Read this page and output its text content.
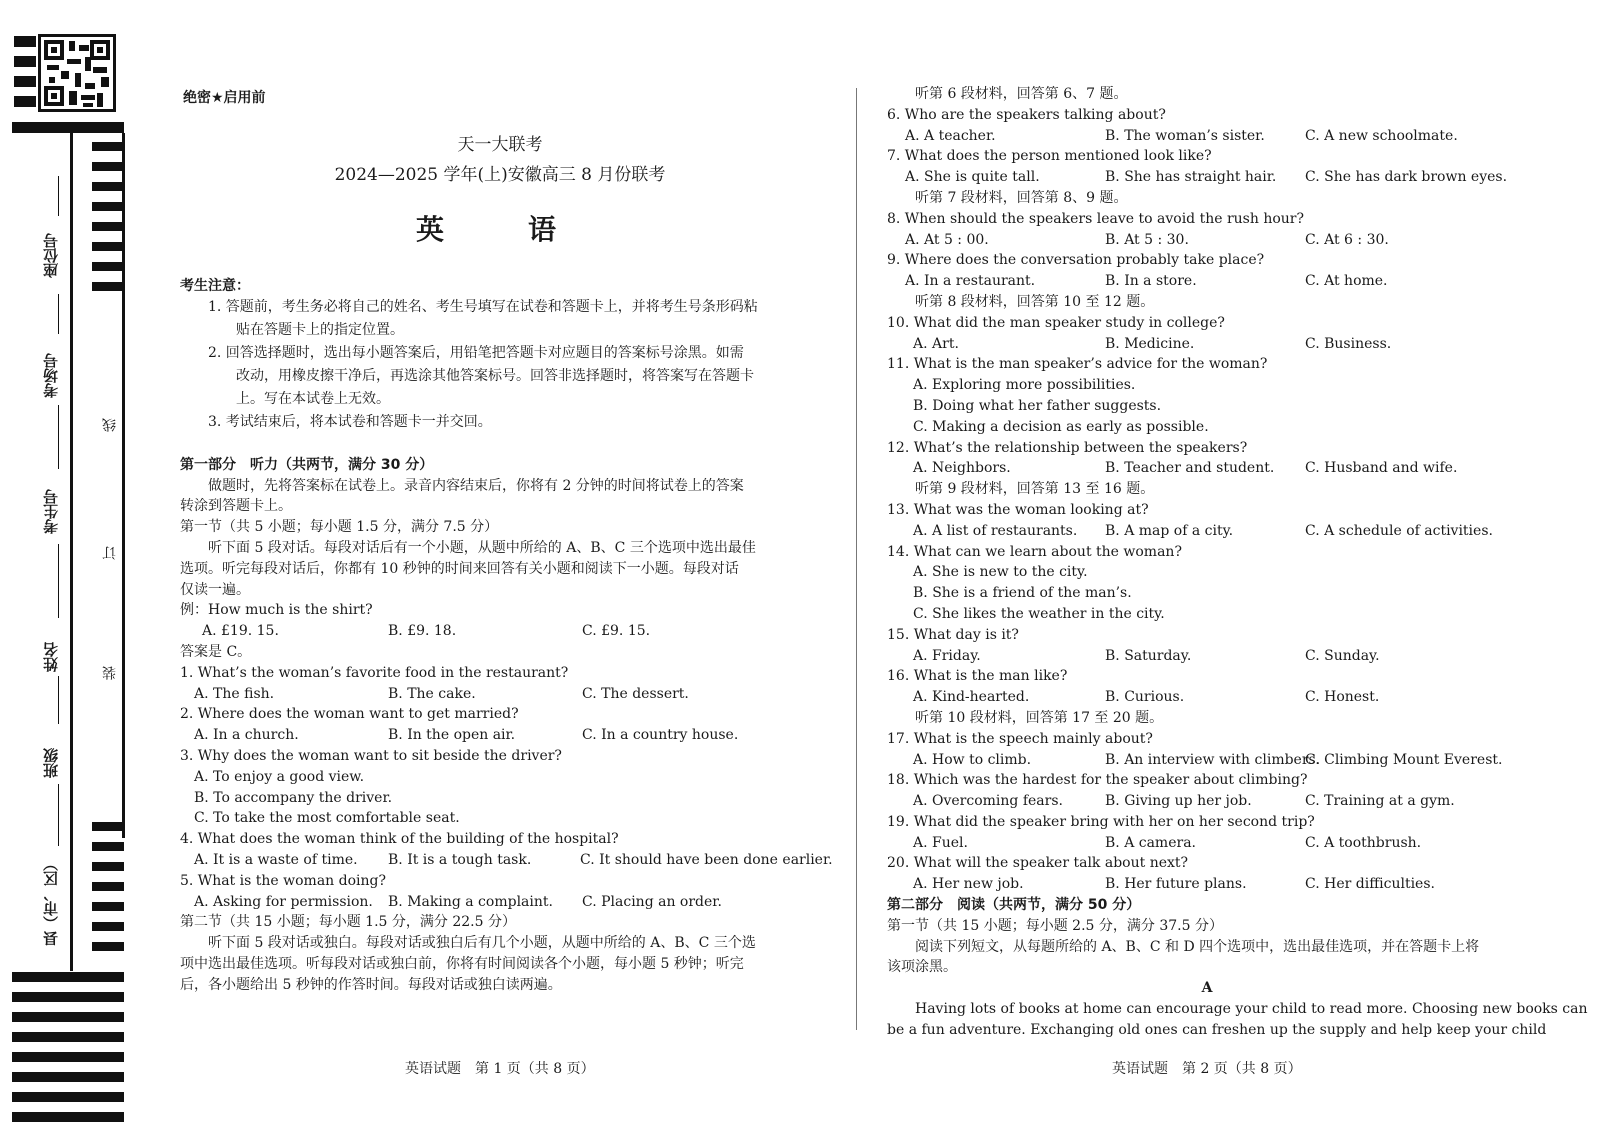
座位号
考场号
考生号
姓名
班级
县（市、区）
线
订
装
绝密★启用前
天一大联考
2024—2025 学年(上)安徽高三 8 月份联考
英　语
考生注意：
1. 答题前，考生务必将自己的姓名、考生号填写在试卷和答题卡上，并将考生号条形码粘
贴在答题卡上的指定位置。
2. 回答选择题时，选出每小题答案后，用铅笔把答题卡对应题目的答案标号涂黑。如需
改动，用橡皮擦干净后，再选涂其他答案标号。回答非选择题时，将答案写在答题卡
上。写在本试卷上无效。
3. 考试结束后，将本试卷和答题卡一并交回。
第一部分　听力（共两节，满分 30 分）
做题时，先将答案标在试卷上。录音内容结束后，你将有 2 分钟的时间将试卷上的答案
转涂到答题卡上。
第一节（共 5 小题；每小题 1.5 分，满分 7.5 分）
听下面 5 段对话。每段对话后有一个小题，从题中所给的 A、B、C 三个选项中选出最佳
选项。听完每段对话后，你都有 10 秒钟的时间来回答有关小题和阅读下一小题。每段对话
仅读一遍。
例：How much is the shirt?
A. £19. 15.	B. £9. 18.	C. £9. 15.
答案是 C。
1. What’s the woman’s favorite food in the restaurant?
A. The fish.	B. The cake.	C. The dessert.
2. Where does the woman want to get married?
A. In a church.	B. In the open air.	C. In a country house.
3. Why does the woman want to sit beside the driver?
A. To enjoy a good view.
B. To accompany the driver.
C. To take the most comfortable seat.
4. What does the woman think of the building of the hospital?
A. It is a waste of time. B. It is a tough task.	C. It should have been done earlier.
5. What is the woman doing?
A. Asking for permission. B. Making a complaint. C. Placing an order.
第二节（共 15 小题；每小题 1.5 分，满分 22.5 分）
听下面 5 段对话或独白。每段对话或独白后有几个小题，从题中所给的 A、B、C 三个选
项中选出最佳选项。听每段对话或独白前，你将有时间阅读各个小题，每小题 5 秒钟；听完
后，各小题给出 5 秒钟的作答时间。每段对话或独白读两遍。
听第 6 段材料，回答第 6、7 题。
6. Who are the speakers talking about?
A. A teacher.	B. The woman’s sister.	C. A new schoolmate.
7. What does the person mentioned look like?
A. She is quite tall.	B. She has straight hair. C. She has dark brown eyes.
听第 7 段材料，回答第 8、9 题。
8. When should the speakers leave to avoid the rush hour?
A. At 5 : 00.	B. At 5 : 30.	C. At 6 : 30.
9. Where does the conversation probably take place?
A. In a restaurant.	B. In a store.	C. At home.
听第 8 段材料，回答第 10 至 12 题。
10. What did the man speaker study in college?
A. Art.	B. Medicine.	C. Business.
11. What is the man speaker’s advice for the woman?
A. Exploring more possibilities.
B. Doing what her father suggests.
C. Making a decision as early as possible.
12. What’s the relationship between the speakers?
A. Neighbors.	B. Teacher and student. C. Husband and wife.
听第 9 段材料，回答第 13 至 16 题。
13. What was the woman looking at?
A. A list of restaurants. B. A map of a city.	C. A schedule of activities.
14. What can we learn about the woman?
A. She is new to the city.
B. She is a friend of the man’s.
C. She likes the weather in the city.
15. What day is it?
A. Friday.	B. Saturday.	C. Sunday.
16. What is the man like?
A. Kind-hearted.	B. Curious.	C. Honest.
听第 10 段材料，回答第 17 至 20 题。
17. What is the speech mainly about?
A. How to climb.	B. An interview with climbers.
C. Climbing Mount Everest.
18. Which was the hardest for the speaker about climbing?
A. Overcoming fears.	B. Giving up her job.	C. Training at a gym.
19. What did the speaker bring with her on her second trip?
A. Fuel.	B. A camera.	C. A toothbrush.
20. What will the speaker talk about next?
A. Her new job.	B. Her future plans.	C. Her difficulties.
第二部分　阅读（共两节，满分 50 分）
第一节（共 15 小题；每小题 2.5 分，满分 37.5 分）
阅读下列短文，从每题所给的 A、B、C 和 D 四个选项中，选出最佳选项，并在答题卡上将
该项涂黑。
A
Having lots of books at home can encourage your child to read more. Choosing new books can
be a fun adventure. Exchanging old ones can freshen up the supply and help keep your child
英语试题　第 1 页（共 8 页）	英语试题　第 2 页（共 8 页）
